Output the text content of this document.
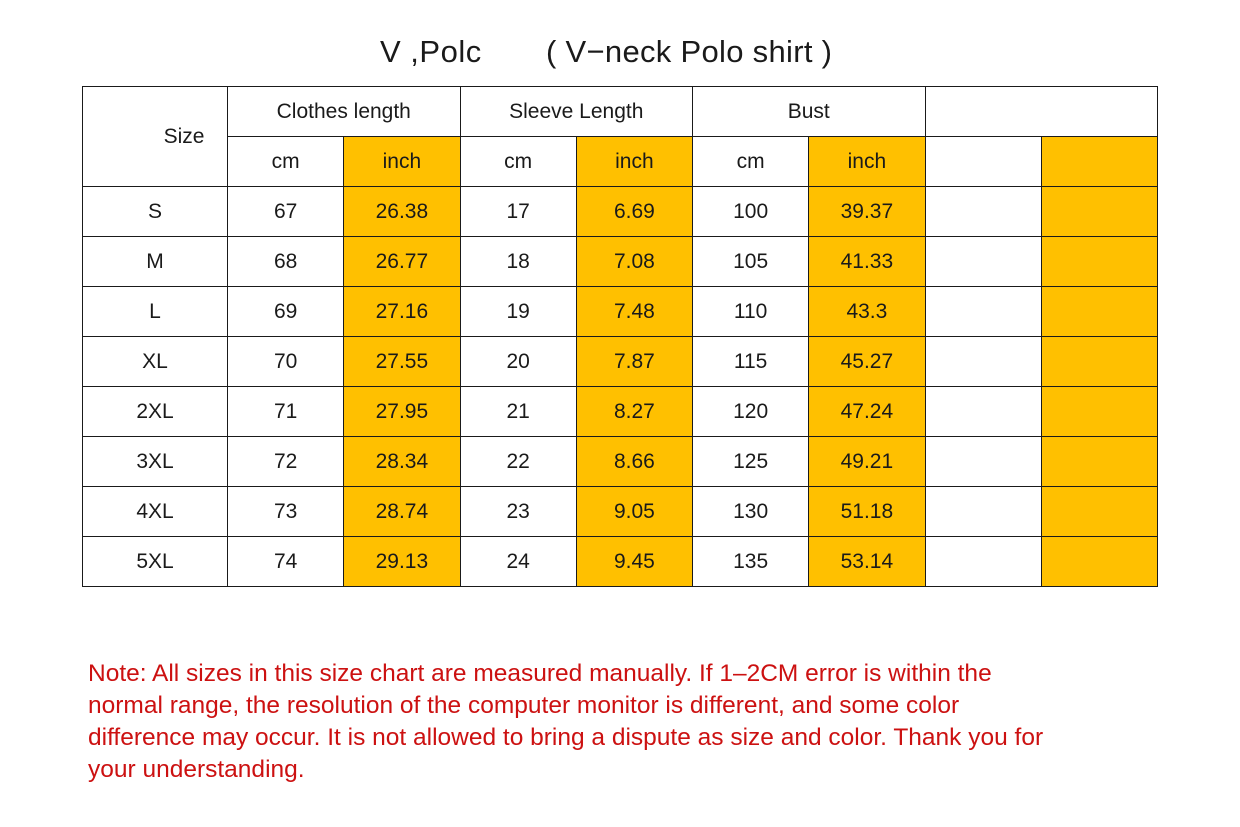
V ,Polc ( V−neck Polo shirt )
Size	Clothes length		Sleeve Length		Bust			
	cm	inch	cm	inch	cm	inch		
S	67	26.38	17	6.69	100	39.37		
M	68	26.77	18	7.08	105	41.33		
L	69	27.16	19	7.48	110	43.3		
XL	70	27.55	20	7.87	115	45.27		
2XL	71	27.95	21	8.27	120	47.24		
3XL	72	28.34	22	8.66	125	49.21		
4XL	73	28.74	23	9.05	130	51.18		
5XL	74	29.13	24	9.45	135	53.14		

Note: All sizes in this size chart are measured manually. If 1–2CM error is within the
normal range, the resolution of the computer monitor is different, and some color
difference may occur. It is not allowed to bring a dispute as size and color. Thank you for
your understanding.
